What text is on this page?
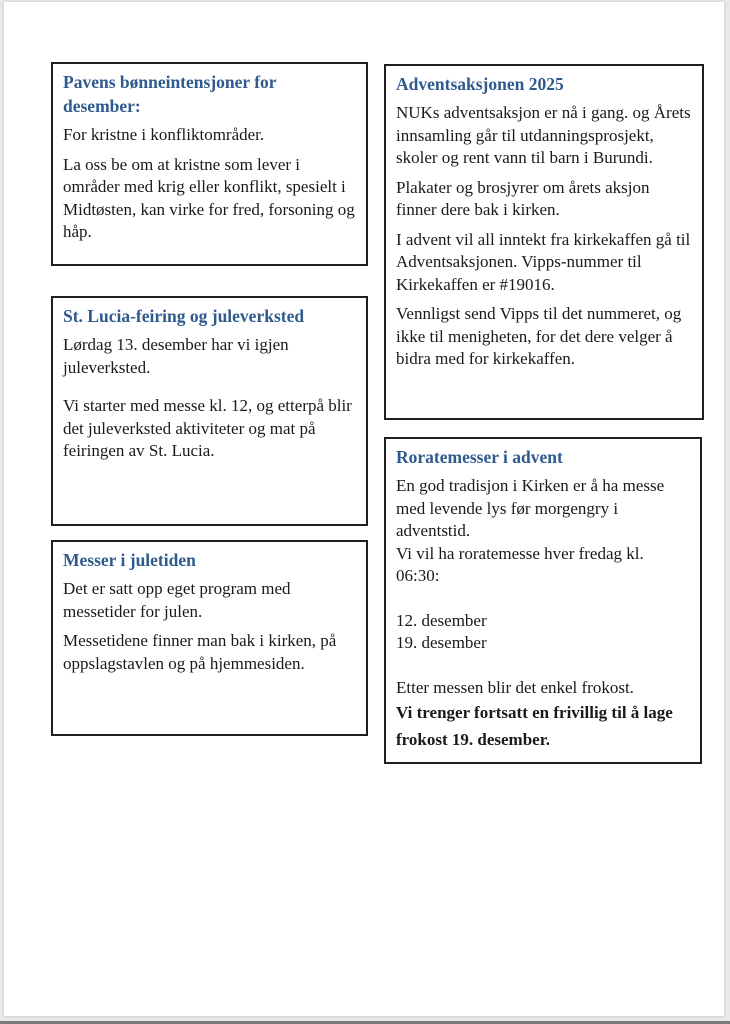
Pavens bønneintensjoner for desember:

For kristne i konfliktområder.

La oss be om at kristne som lever i områder med krig eller konflikt, spesielt i Midtøsten, kan virke for fred, forsoning og håp.

St. Lucia-feiring og juleverksted

Lørdag 13. desember har vi igjen juleverksted.

Vi starter med messe kl. 12, og etterpå blir det juleverksted aktiviteter og mat på feiringen av St. Lucia.

Messer i juletiden

Det er satt opp eget program med messetider for julen.

Messetidene finner man bak i kirken, på oppslagstavlen og på hjemmesiden.

Adventsaksjonen 2025

NUKs adventsaksjon er nå i gang. og Årets innsamling går til utdanningsprosjekt, skoler og rent vann til barn i Burundi.

Plakater og brosjyrer om årets aksjon finner dere bak i kirken.

I advent vil all inntekt fra kirkekaffen gå til Adventsaksjonen. Vipps-nummer til Kirkekaffen er #19016.

Vennligst send Vipps til det nummeret, og ikke til menigheten, for det dere velger å bidra med for kirkekaffen.

Roratemesser i advent

En god tradisjon i Kirken er å ha messe med levende lys før morgengry i adventstid.

Vi vil ha roratemesse hver fredag kl. 06:30:

12. desember

19. desember

Etter messen blir det enkel frokost.

Vi trenger fortsatt en frivillig til å lage frokost 19. desember.
